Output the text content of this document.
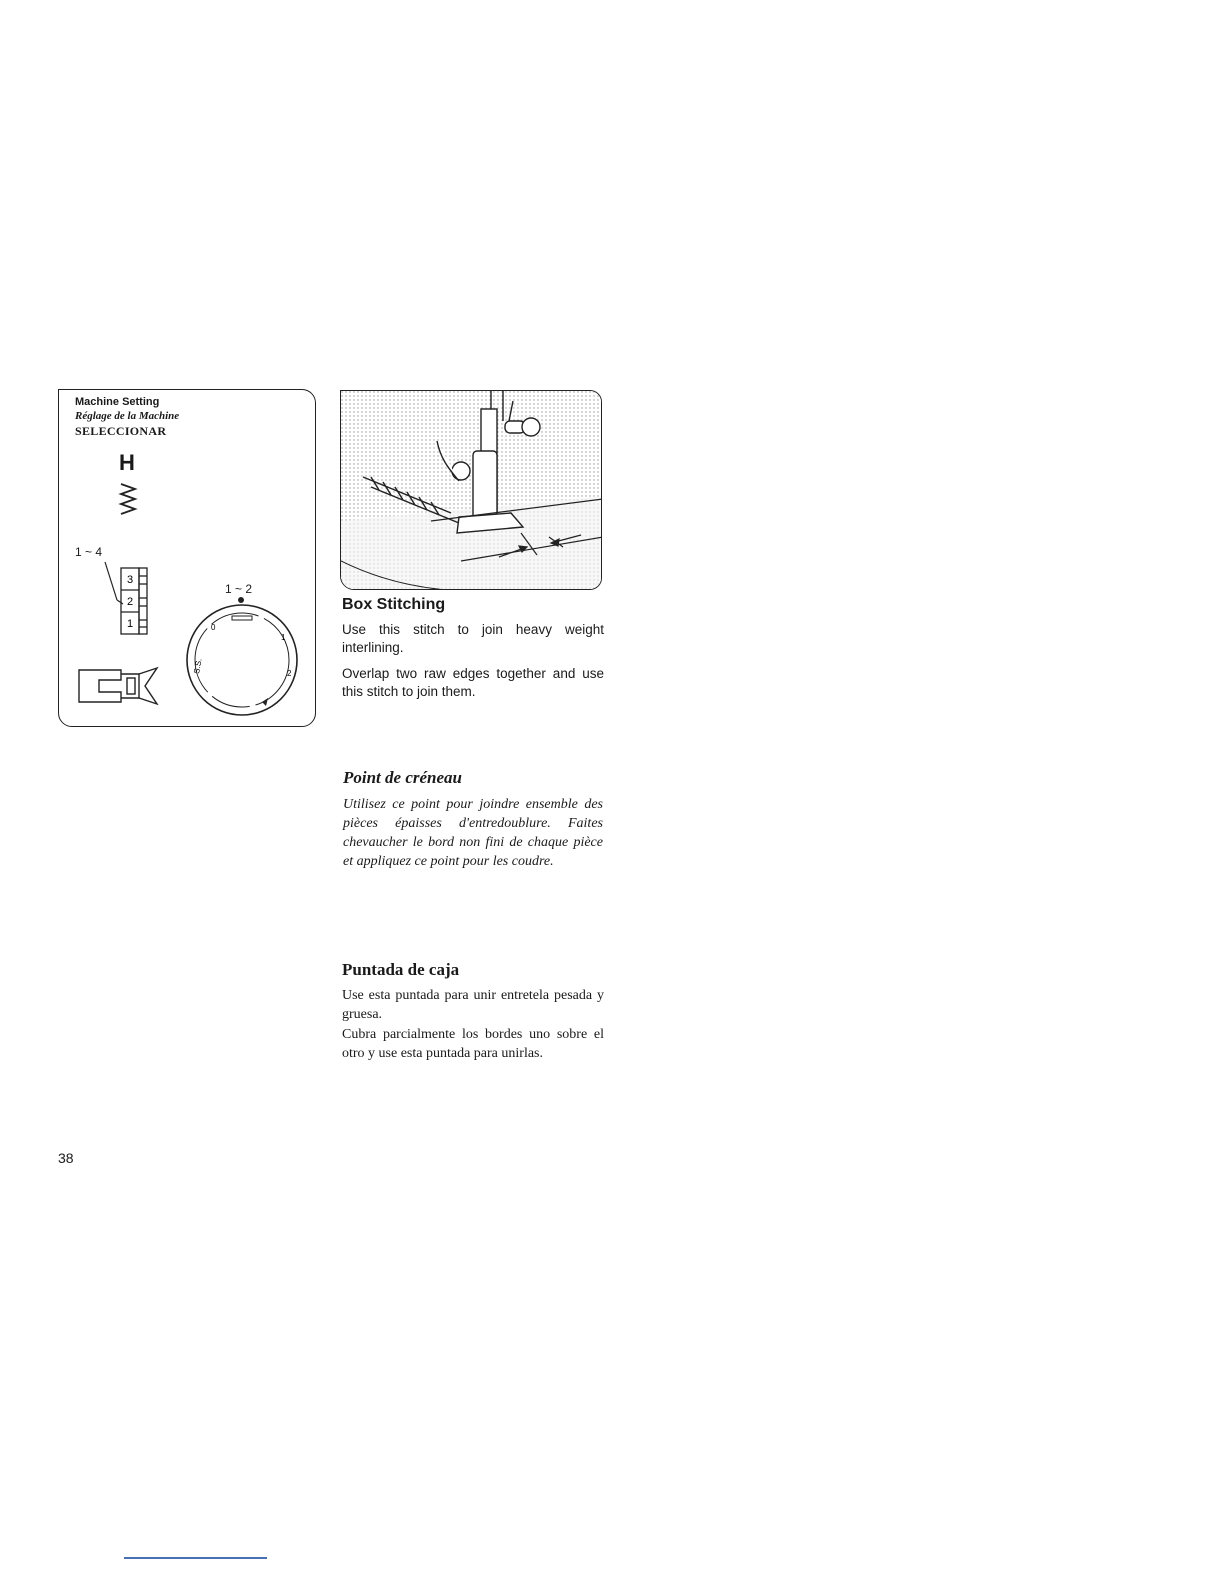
Machine Setting
Réglage de la Machine
SELECCIONAR
H
1 ~ 4
1 ~ 2
3
2
1	0
1
2
S.S.
Box Stitching

Use this stitch to join heavy weight interlining.

Overlap two raw edges together and use this stitch to join them.

Point de créneau

Utilisez ce point pour joindre ensemble des pièces épaisses d'entredoublure. Faites chevaucher le bord non fini de chaque pièce et appliquez ce point pour les coudre.

Puntada de caja

Use esta puntada para unir entretela pesada y gruesa.

Cubra parcialmente los bordes uno sobre el otro y use esta puntada para unirlas.

38
